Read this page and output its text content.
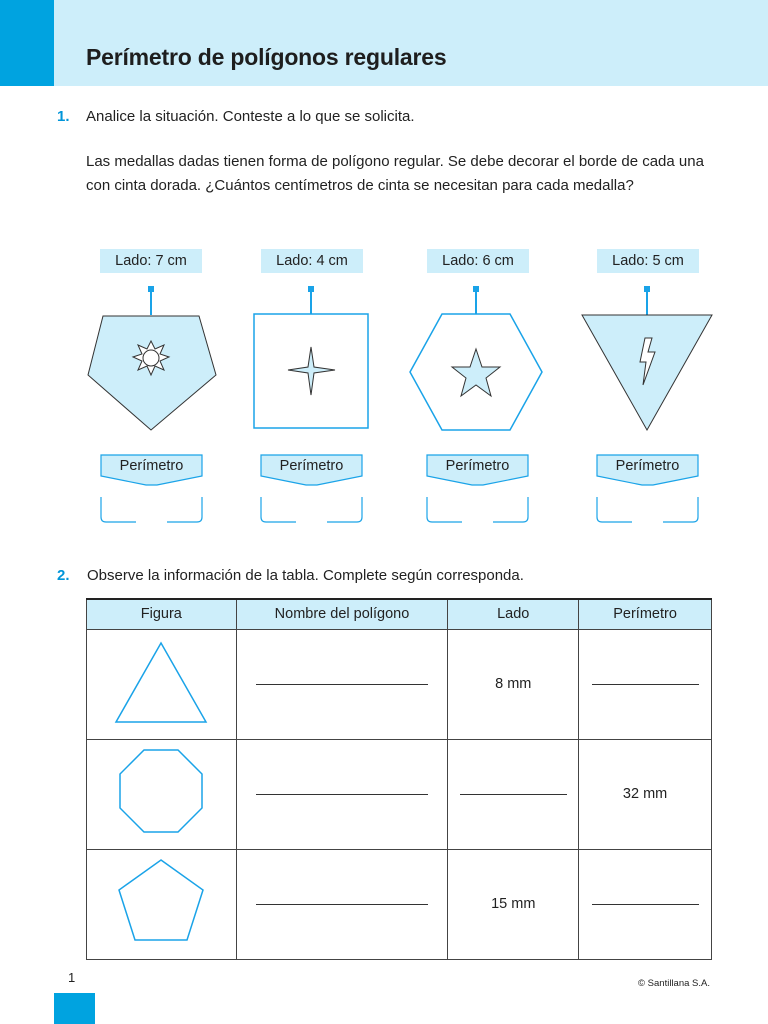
Perímetro de polígonos regulares
1. Analice la situación. Conteste a lo que se solicita.
Las medallas dadas tienen forma de polígono regular. Se debe decorar el borde de cada una con cinta dorada. ¿Cuántos centímetros de cinta se necesitan para cada medalla?
Lado: 7 cm	Lado: 4 cm	Lado: 6 cm	Lado: 5 cm
Perímetro	Perímetro	Perímetro	Perímetro
2. Observe la información de la tabla. Complete según corresponda.
Figura	Nombre del polígono	Lado	Perímetro
		8 mm	
			32 mm
		15 mm	
1	© Santillana S.A.
